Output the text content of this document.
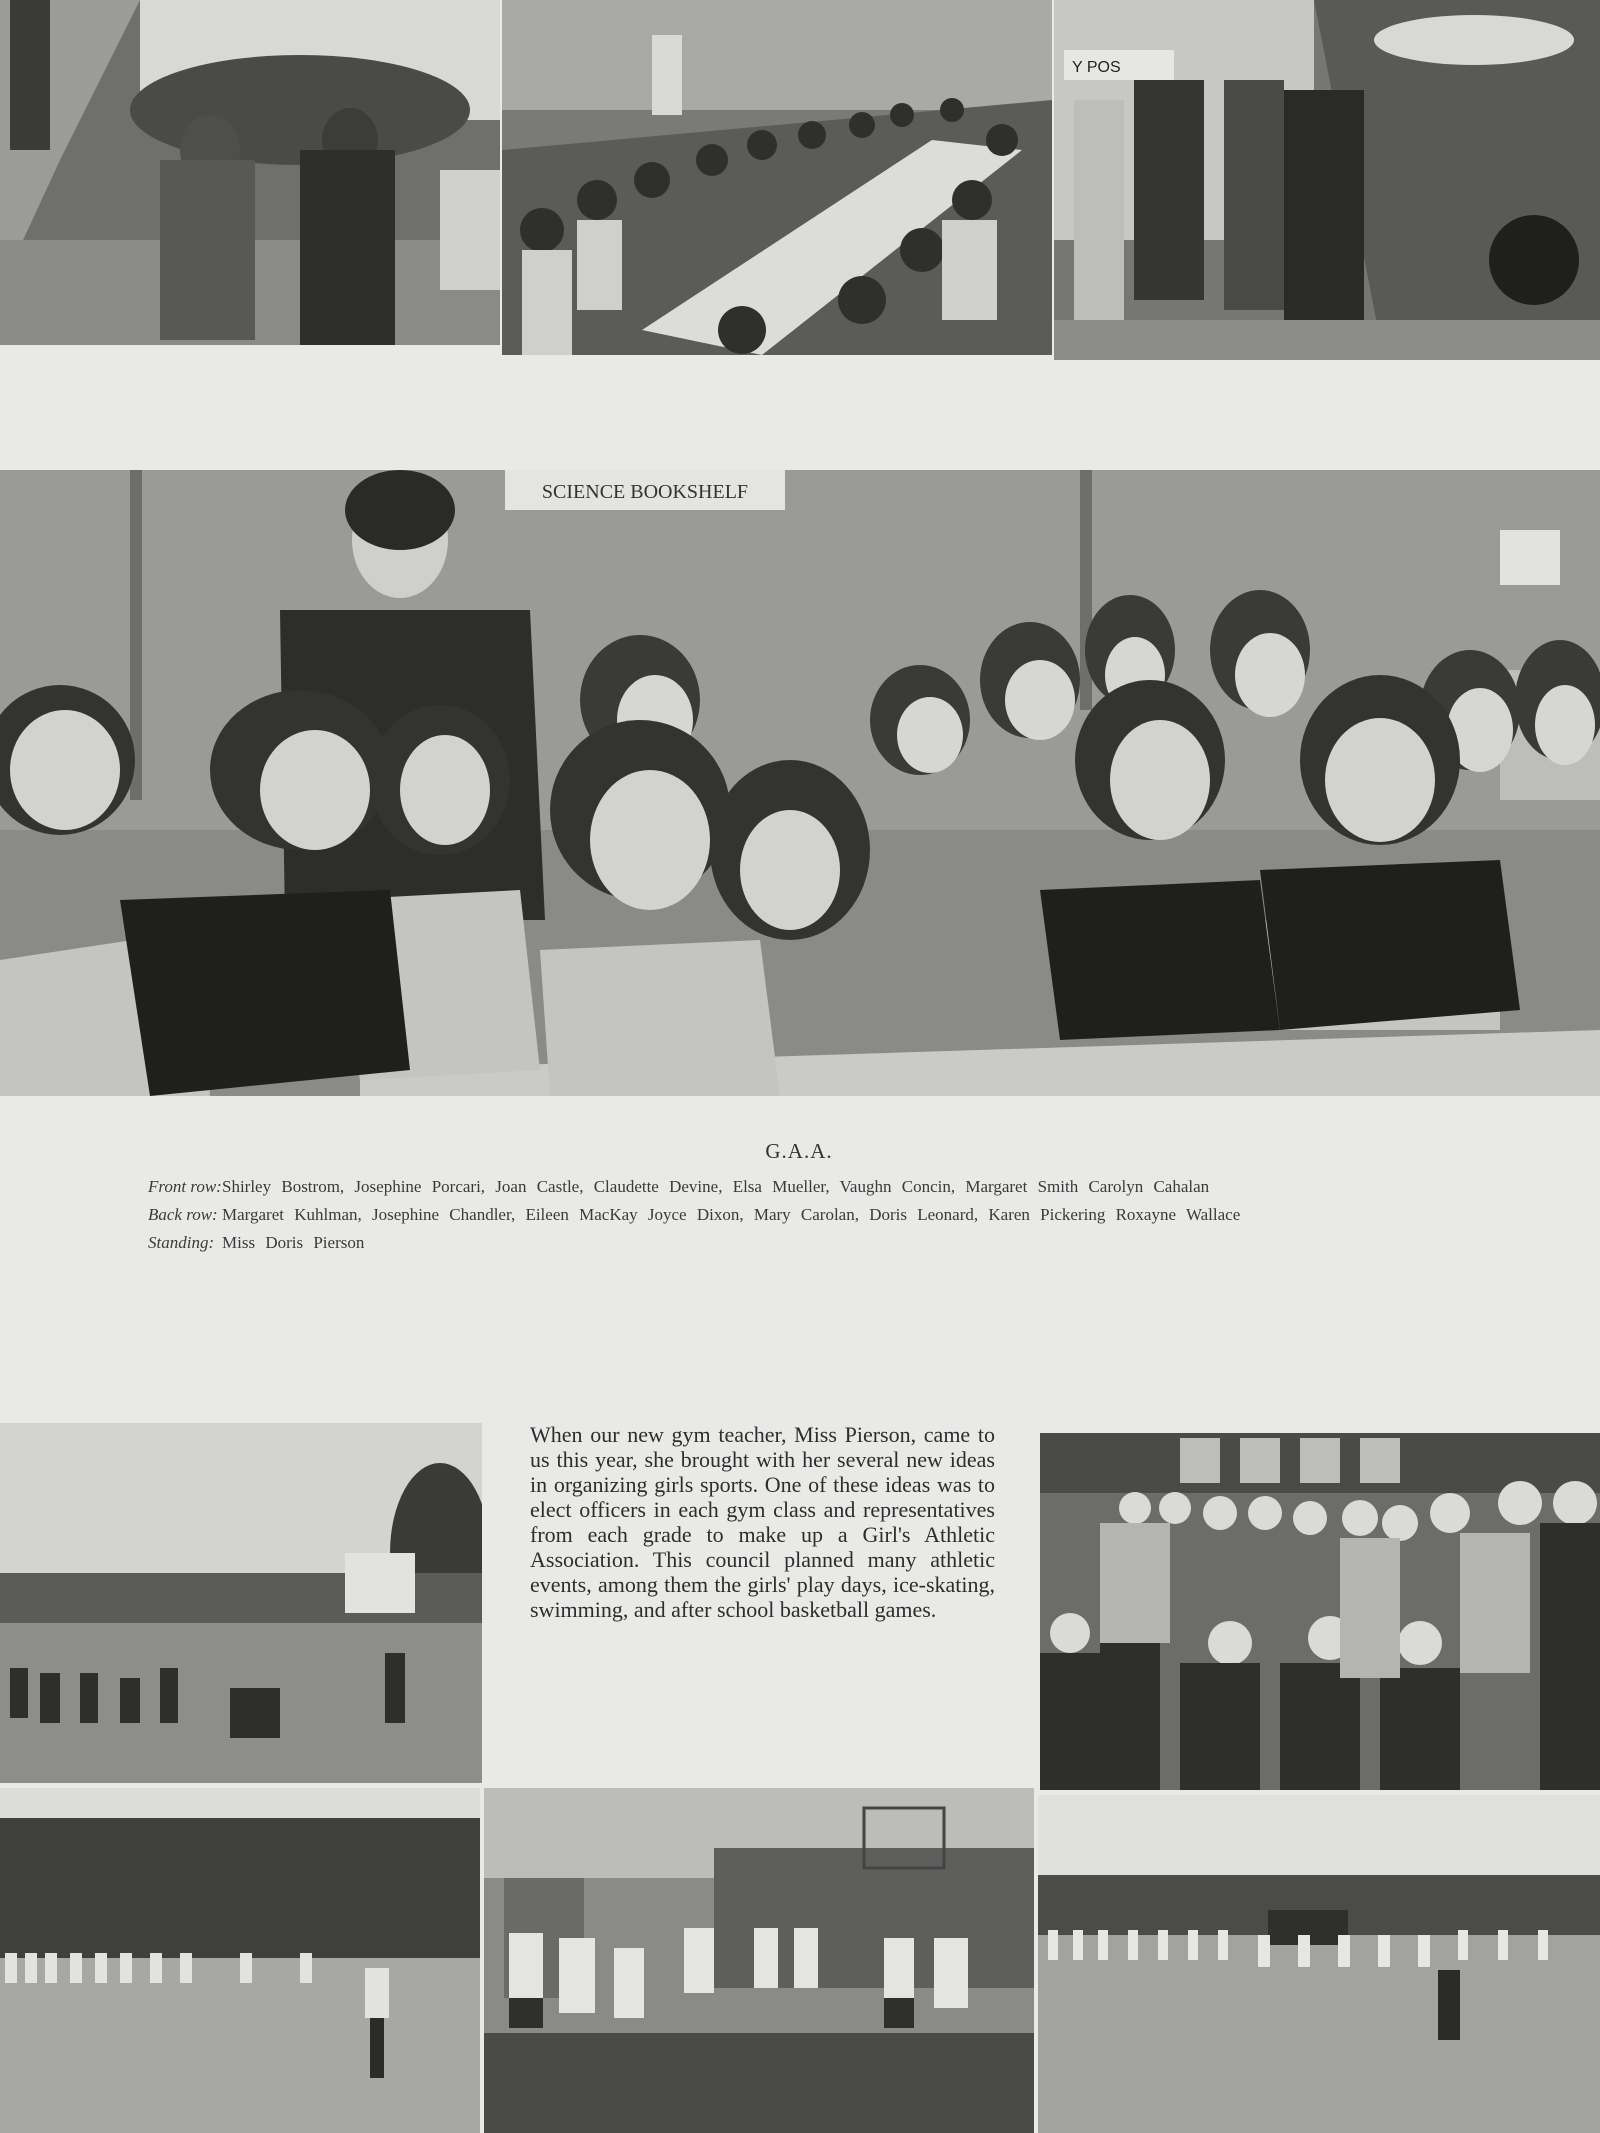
Y POS
SCIENCE BOOKSHELF
G.A.A.
Front row: Shirley Bostrom, Josephine Porcari, Joan Castle, Claudette Devine, Elsa Mueller, Vaughn Concin, Margaret Smith Carolyn Cahalan
Back row: Margaret Kuhlman, Josephine Chandler, Eileen MacKay Joyce Dixon, Mary Carolan, Doris Leonard, Karen Pickering Roxayne Wallace
Standing: Miss Doris Pierson
When our new gym teacher, Miss Pierson, came to us this year, she brought with her several new ideas in organizing girls sports. One of these ideas was to elect officers in each gym class and representatives from each grade to make up a Girl's Athletic Association. This council planned many athletic events, among them the girls' play days, ice-skating, swimming, and after school basketball games.
